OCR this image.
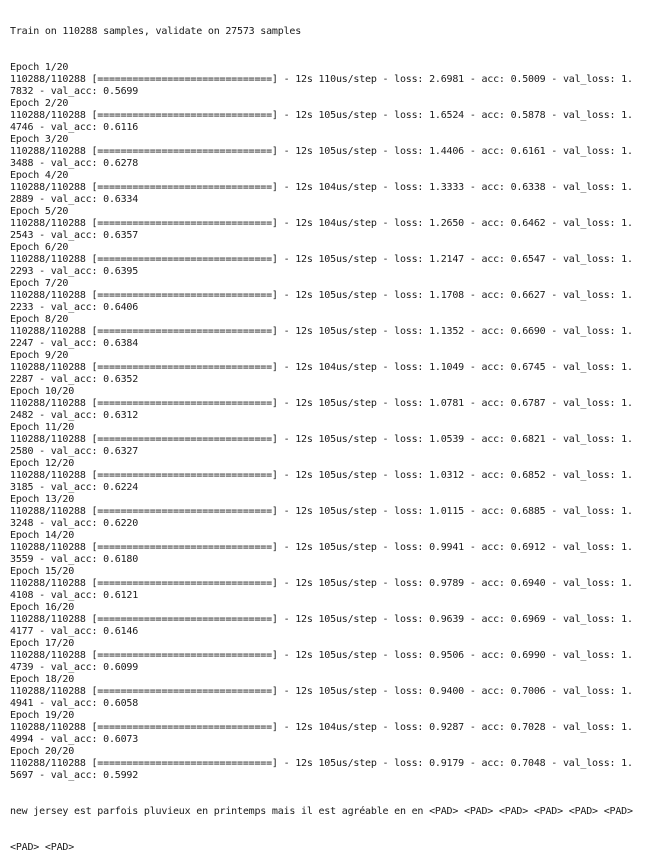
Train on 110288 samples, validate on 27573 samples

Epoch 1/20
110288/110288 [==============================] - 12s 110us/step - loss: 2.6981 - acc: 0.5009 - val_loss: 1.
7832 - val_acc: 0.5699
Epoch 2/20
110288/110288 [==============================] - 12s 105us/step - loss: 1.6524 - acc: 0.5878 - val_loss: 1.
4746 - val_acc: 0.6116
Epoch 3/20
110288/110288 [==============================] - 12s 105us/step - loss: 1.4406 - acc: 0.6161 - val_loss: 1.
3488 - val_acc: 0.6278
Epoch 4/20
110288/110288 [==============================] - 12s 104us/step - loss: 1.3333 - acc: 0.6338 - val_loss: 1.
2889 - val_acc: 0.6334
Epoch 5/20
110288/110288 [==============================] - 12s 104us/step - loss: 1.2650 - acc: 0.6462 - val_loss: 1.
2543 - val_acc: 0.6357
Epoch 6/20
110288/110288 [==============================] - 12s 105us/step - loss: 1.2147 - acc: 0.6547 - val_loss: 1.
2293 - val_acc: 0.6395
Epoch 7/20
110288/110288 [==============================] - 12s 105us/step - loss: 1.1708 - acc: 0.6627 - val_loss: 1.
2233 - val_acc: 0.6406
Epoch 8/20
110288/110288 [==============================] - 12s 105us/step - loss: 1.1352 - acc: 0.6690 - val_loss: 1.
2247 - val_acc: 0.6384
Epoch 9/20
110288/110288 [==============================] - 12s 104us/step - loss: 1.1049 - acc: 0.6745 - val_loss: 1.
2287 - val_acc: 0.6352
Epoch 10/20
110288/110288 [==============================] - 12s 105us/step - loss: 1.0781 - acc: 0.6787 - val_loss: 1.
2482 - val_acc: 0.6312
Epoch 11/20
110288/110288 [==============================] - 12s 105us/step - loss: 1.0539 - acc: 0.6821 - val_loss: 1.
2580 - val_acc: 0.6327
Epoch 12/20
110288/110288 [==============================] - 12s 105us/step - loss: 1.0312 - acc: 0.6852 - val_loss: 1.
3185 - val_acc: 0.6224
Epoch 13/20
110288/110288 [==============================] - 12s 105us/step - loss: 1.0115 - acc: 0.6885 - val_loss: 1.
3248 - val_acc: 0.6220
Epoch 14/20
110288/110288 [==============================] - 12s 105us/step - loss: 0.9941 - acc: 0.6912 - val_loss: 1.
3559 - val_acc: 0.6180
Epoch 15/20
110288/110288 [==============================] - 12s 105us/step - loss: 0.9789 - acc: 0.6940 - val_loss: 1.
4108 - val_acc: 0.6121
Epoch 16/20
110288/110288 [==============================] - 12s 105us/step - loss: 0.9639 - acc: 0.6969 - val_loss: 1.
4177 - val_acc: 0.6146
Epoch 17/20
110288/110288 [==============================] - 12s 105us/step - loss: 0.9506 - acc: 0.6990 - val_loss: 1.
4739 - val_acc: 0.6099
Epoch 18/20
110288/110288 [==============================] - 12s 105us/step - loss: 0.9400 - acc: 0.7006 - val_loss: 1.
4941 - val_acc: 0.6058
Epoch 19/20
110288/110288 [==============================] - 12s 104us/step - loss: 0.9287 - acc: 0.7028 - val_loss: 1.
4994 - val_acc: 0.6073
Epoch 20/20
110288/110288 [==============================] - 12s 105us/step - loss: 0.9179 - acc: 0.7048 - val_loss: 1.
5697 - val_acc: 0.5992

new jersey est parfois pluvieux en printemps mais il est agréable en en <PAD> <PAD> <PAD> <PAD> <PAD> <PAD>

<PAD> <PAD>
